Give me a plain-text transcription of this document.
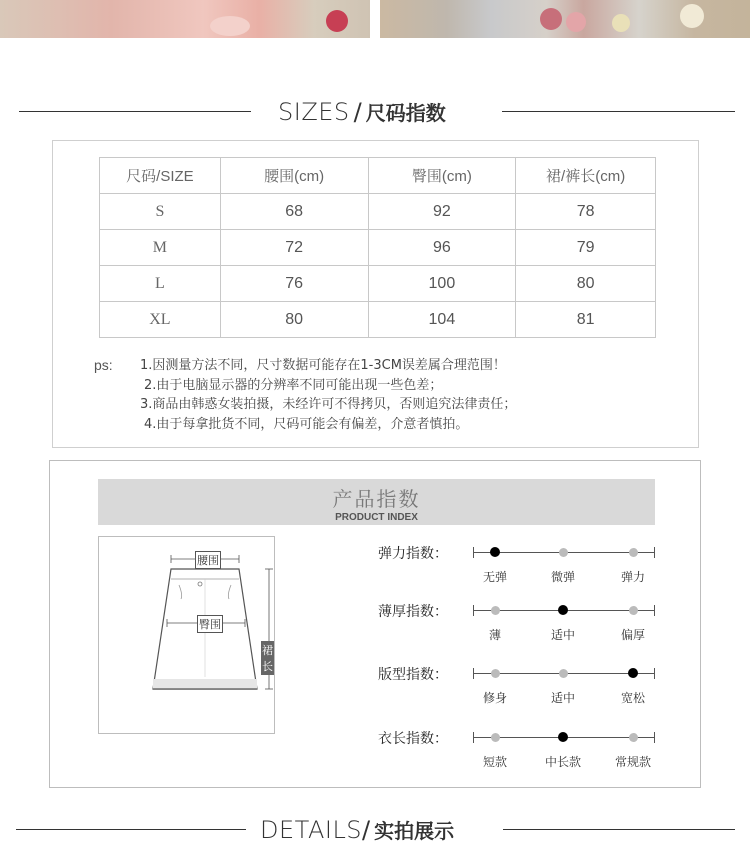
SIZES / 尺码指数
尺码/SIZE	腰围(cm)	臀围(cm)	裙/裤长(cm)
S	68	92	78
M	72	96	79
L	76	100	80
XL	80	104	81
ps: 1.因测量方法不同，尺寸数据可能存在1-3CM误差属合理范围！
2.由于电脑显示器的分辨率不同可能出现一些色差；
3.商品由韩惑女装拍摄，未经许可不得拷贝，否则追究法律责任；
4.由于每拿批货不同，尺码可能会有偏差，介意者慎拍。
产品指数
PRODUCT INDEX
腰围
臀围
裙长
弹力指数：
无弹	微弹	弹力
薄厚指数：
薄	适中	偏厚
版型指数：
修身	适中	宽松
衣长指数：
短款	中长款	常规款
DETAILS/ 实拍展示
